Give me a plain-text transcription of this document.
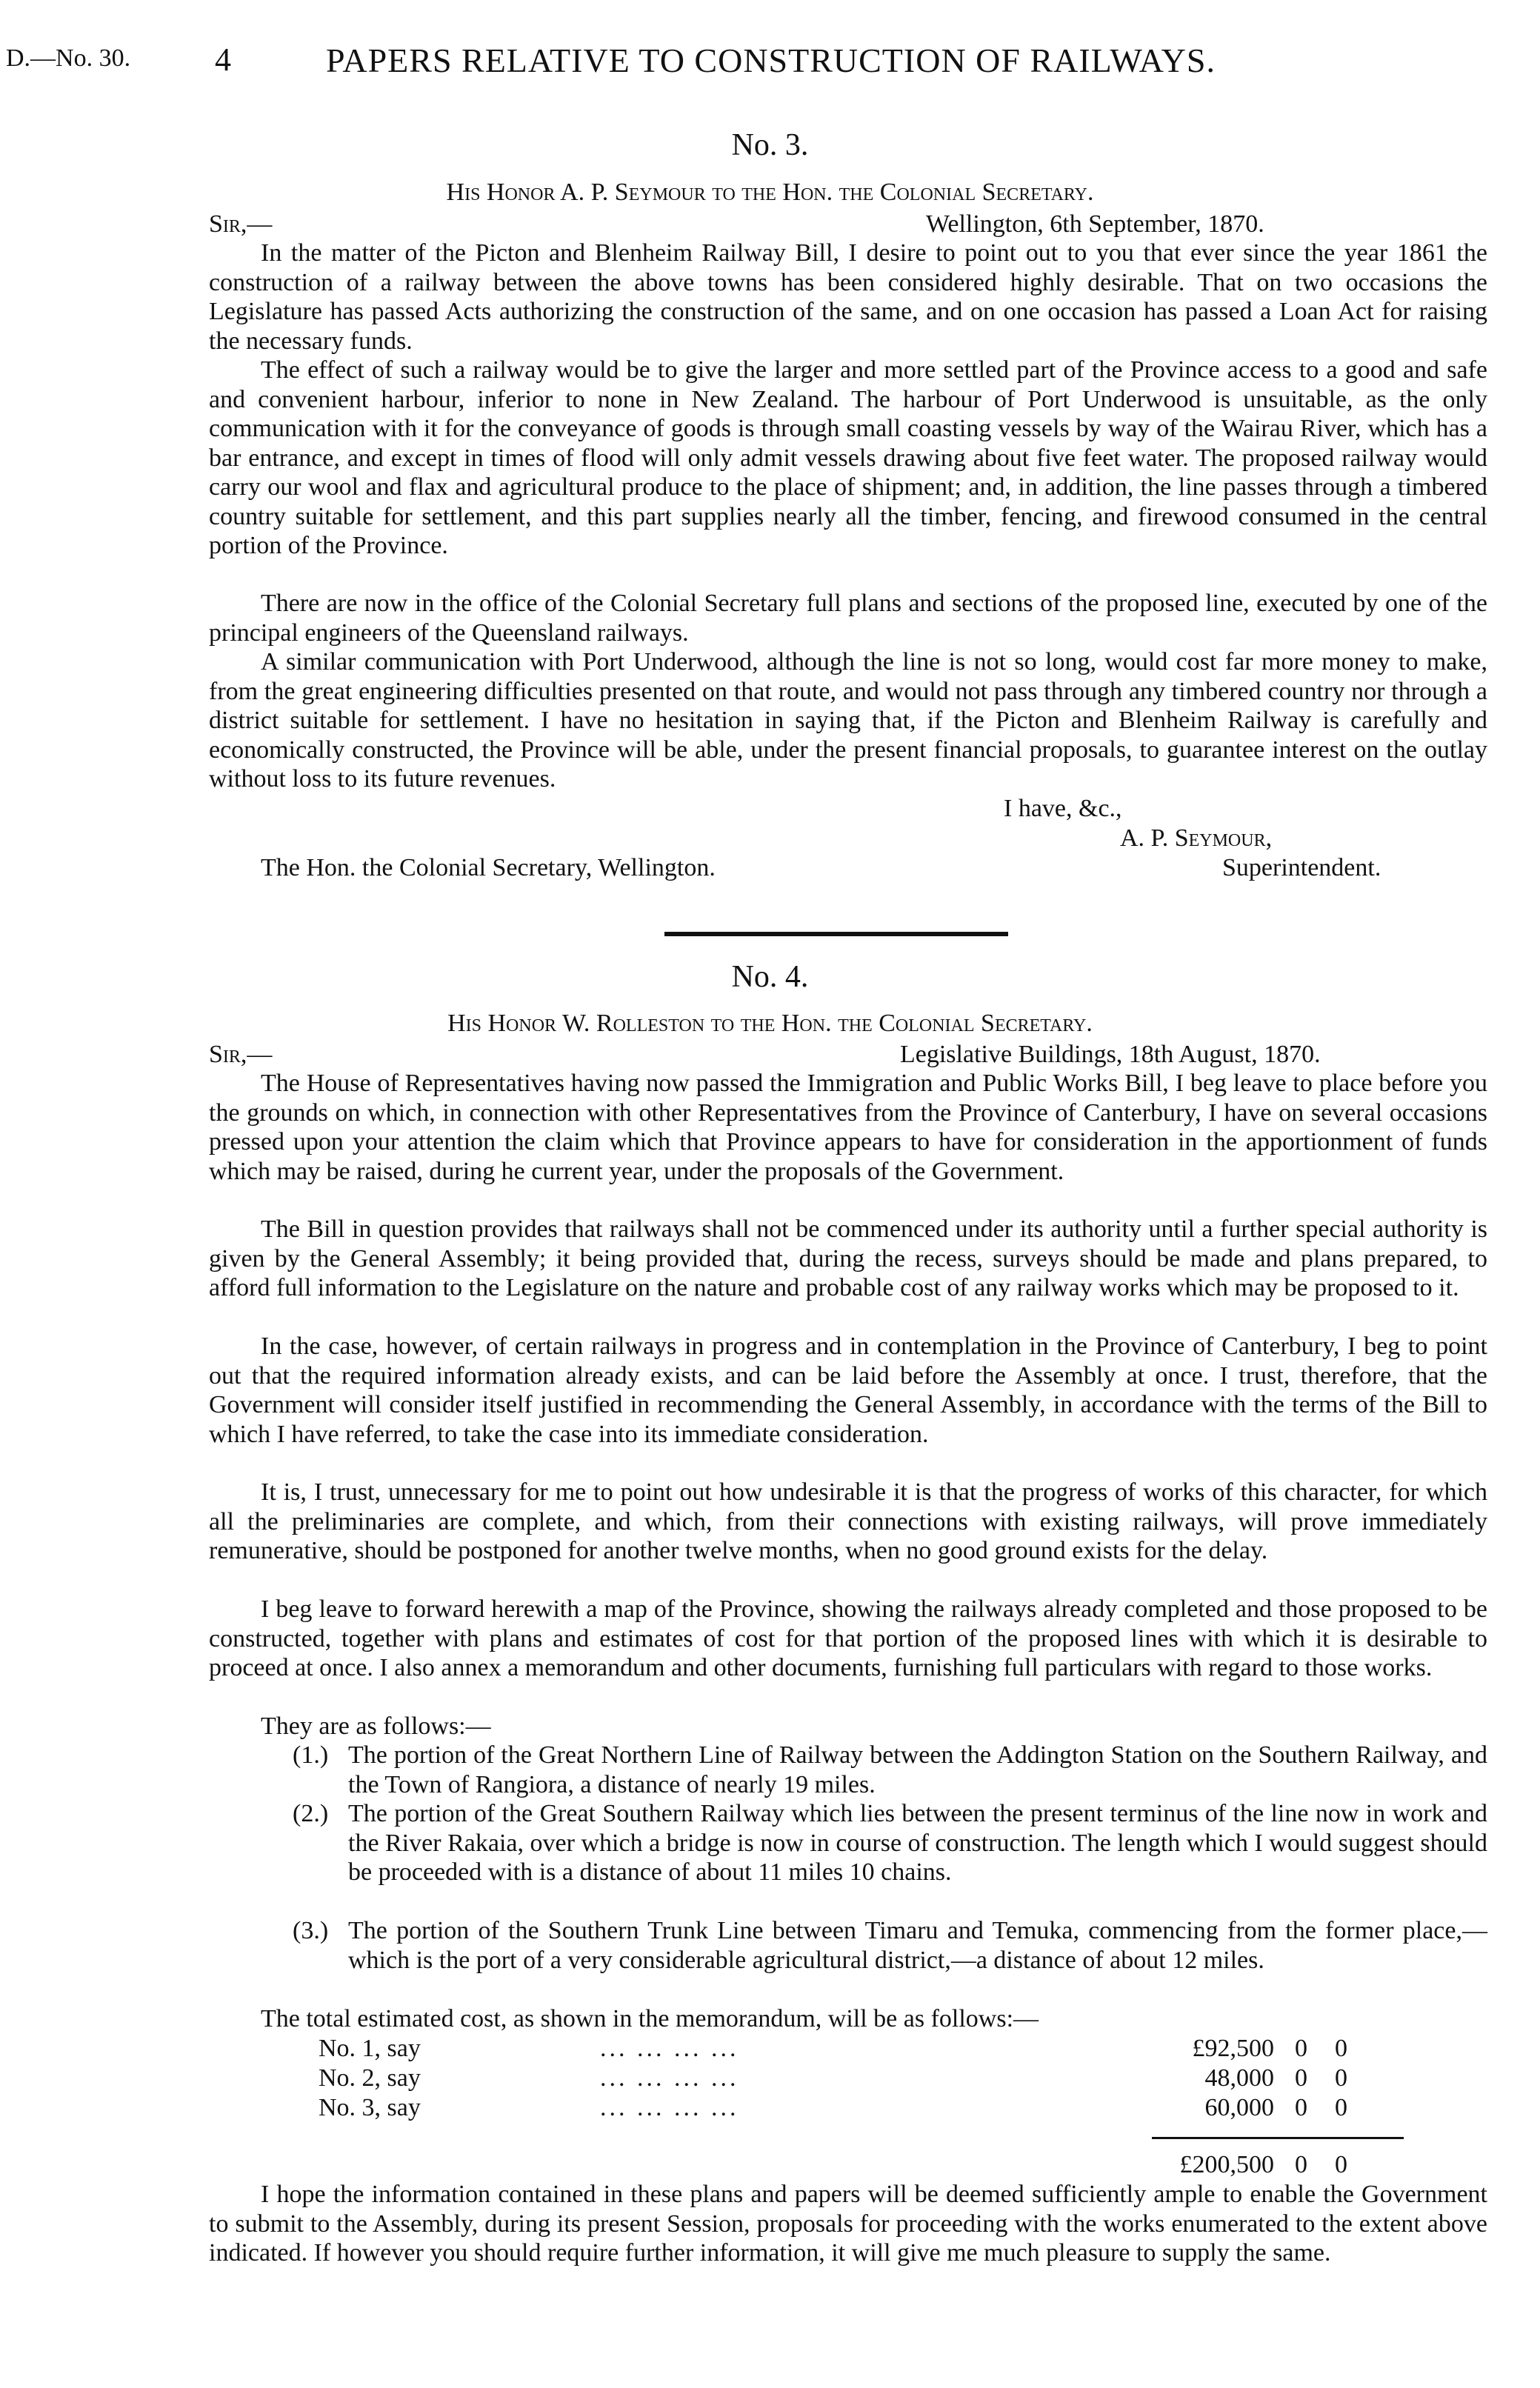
D.—No. 30.	4	PAPERS RELATIVE TO CONSTRUCTION OF RAILWAYS.
No. 3.
His Honor A. P. Seymour to the Hon. the Colonial Secretary.
Sir,—	Wellington, 6th September, 1870.

In the matter of the Picton and Blenheim Railway Bill, I desire to point out to you that ever since the year 1861 the construction of a railway between the above towns has been considered highly desirable. That on two occasions the Legislature has passed Acts authorizing the construction of the same, and on one occasion has passed a Loan Act for raising the necessary funds.

The effect of such a railway would be to give the larger and more settled part of the Province access to a good and safe and convenient harbour, inferior to none in New Zealand. The harbour of Port Underwood is unsuitable, as the only communication with it for the conveyance of goods is through small coasting vessels by way of the Wairau River, which has a bar entrance, and except in times of flood will only admit vessels drawing about five feet water. The proposed railway would carry our wool and flax and agricultural produce to the place of shipment; and, in addition, the line passes through a timbered country suitable for settlement, and this part supplies nearly all the timber, fencing, and firewood consumed in the central portion of the Province.

There are now in the office of the Colonial Secretary full plans and sections of the proposed line, executed by one of the principal engineers of the Queensland railways.

A similar communication with Port Underwood, although the line is not so long, would cost far more money to make, from the great engineering difficulties presented on that route, and would not pass through any timbered country nor through a district suitable for settlement. I have no hesitation in saying that, if the Picton and Blenheim Railway is carefully and economically constructed, the Province will be able, under the present financial proposals, to guarantee interest on the outlay without loss to its future revenues.

I have, &c.,
A. P. Seymour,
The Hon. the Colonial Secretary, Wellington.	Superintendent.
No. 4.
His Honor W. Rolleston to the Hon. the Colonial Secretary.
Sir,—	Legislative Buildings, 18th August, 1870.

The House of Representatives having now passed the Immigration and Public Works Bill, I beg leave to place before you the grounds on which, in connection with other Representatives from the Province of Canterbury, I have on several occasions pressed upon your attention the claim which that Province appears to have for consideration in the apportionment of funds which may be raised, during he current year, under the proposals of the Government.

The Bill in question provides that railways shall not be commenced under its authority until a further special authority is given by the General Assembly; it being provided that, during the recess, surveys should be made and plans prepared, to afford full information to the Legislature on the nature and probable cost of any railway works which may be proposed to it.

In the case, however, of certain railways in progress and in contemplation in the Province of Canterbury, I beg to point out that the required information already exists, and can be laid before the Assembly at once. I trust, therefore, that the Government will consider itself justified in recommending the General Assembly, in accordance with the terms of the Bill to which I have referred, to take the case into its immediate consideration.

It is, I trust, unnecessary for me to point out how undesirable it is that the progress of works of this character, for which all the preliminaries are complete, and which, from their connections with existing railways, will prove immediately remunerative, should be postponed for another twelve months, when no good ground exists for the delay.

I beg leave to forward herewith a map of the Province, showing the railways already completed and those proposed to be constructed, together with plans and estimates of cost for that portion of the proposed lines with which it is desirable to proceed at once. I also annex a memorandum and other documents, furnishing full particulars with regard to those works.

They are as follows:—

(1.) The portion of the Great Northern Line of Railway between the Addington Station on the Southern Railway, and the Town of Rangiora, a distance of nearly 19 miles.
(2.) The portion of the Great Southern Railway which lies between the present terminus of the line now in work and the River Rakaia, over which a bridge is now in course of construction. The length which I would suggest should be proceeded with is a distance of about 11 miles 10 chains.
(3.) The portion of the Southern Trunk Line between Timaru and Temuka, commencing from the former place,—which is the port of a very considerable agricultural district,—a distance of about 12 miles.
The total estimated cost, as shown in the memorandum, will be as follows:—
No. 1, say	... ... ... ...	£92,500 0 0
No. 2, say	... ... ... ...	48,000 0 0
No. 3, say	... ... ... ...	60,000 0 0
£200,500 0 0

I hope the information contained in these plans and papers will be deemed sufficiently ample to enable the Government to submit to the Assembly, during its present Session, proposals for proceeding with the works enumerated to the extent above indicated. If however you should require further information, it will give me much pleasure to supply the same.
